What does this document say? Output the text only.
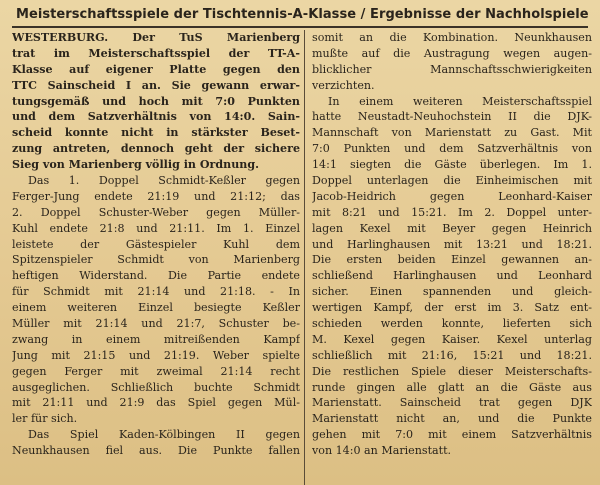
Meisterschaftsspiele der Tischtennis-A-Klasse / Ergebnisse der Nachholspiele
WESTERBURG. Der TuS Marienberg
trat im Meisterschaftsspiel der TT-A-
Klasse auf eigener Platte gegen den
TTC Sainscheid I an. Sie gewann erwar-
tungsgemäß und hoch mit 7:0 Punkten
und dem Satzverhältnis von 14:0. Sain-
scheid konnte nicht in stärkster Beset-
zung antreten, dennoch geht der sichere
Sieg von Marienberg völlig in Ordnung.
Das 1. Doppel Schmidt-Keßler gegen
Ferger-Jung endete 21:19 und 21:12; das
2. Doppel Schuster-Weber gegen Müller-
Kuhl endete 21:8 und 21:11. Im 1. Einzel
leistete der Gästespieler Kuhl dem
Spitzenspieler Schmidt von Marienberg
heftigen Widerstand. Die Partie endete
für Schmidt mit 21:14 und 21:18. - In
einem weiteren Einzel besiegte Keßler
Müller mit 21:14 und 21:7, Schuster be-
zwang in einem mitreißenden Kampf
Jung mit 21:15 und 21:19. Weber spielte
gegen Ferger mit zweimal 21:14 recht
ausgeglichen. Schließlich buchte Schmidt
mit 21:11 und 21:9 das Spiel gegen Mül-
ler für sich.
Das Spiel Kaden-Kölbingen II gegen
Neunkhausen fiel aus. Die Punkte fallen
somit an die Kombination. Neunkhausen
mußte auf die Austragung wegen augen-
blicklicher Mannschaftsschwierigkeiten
verzichten.
In einem weiteren Meisterschaftsspiel
hatte Neustadt-Neuhochstein II die DJK-
Mannschaft von Marienstatt zu Gast. Mit
7:0 Punkten und dem Satzverhältnis von
14:1 siegten die Gäste überlegen. Im 1.
Doppel unterlagen die Einheimischen mit
Jacob-Heidrich gegen Leonhard-Kaiser
mit 8:21 und 15:21. Im 2. Doppel unter-
lagen Kexel mit Beyer gegen Heinrich
und Harlinghausen mit 13:21 und 18:21.
Die ersten beiden Einzel gewannen an-
schließend Harlinghausen und Leonhard
sicher. Einen spannenden und gleich-
wertigen Kampf, der erst im 3. Satz ent-
schieden werden konnte, lieferten sich
M. Kexel gegen Kaiser. Kexel unterlag
schließlich mit 21:16, 15:21 und 18:21.
Die restlichen Spiele dieser Meisterschafts-
runde gingen alle glatt an die Gäste aus
Marienstatt. Sainscheid trat gegen DJK
Marienstatt nicht an, und die Punkte
gehen mit 7:0 mit einem Satzverhältnis
von 14:0 an Marienstatt.
